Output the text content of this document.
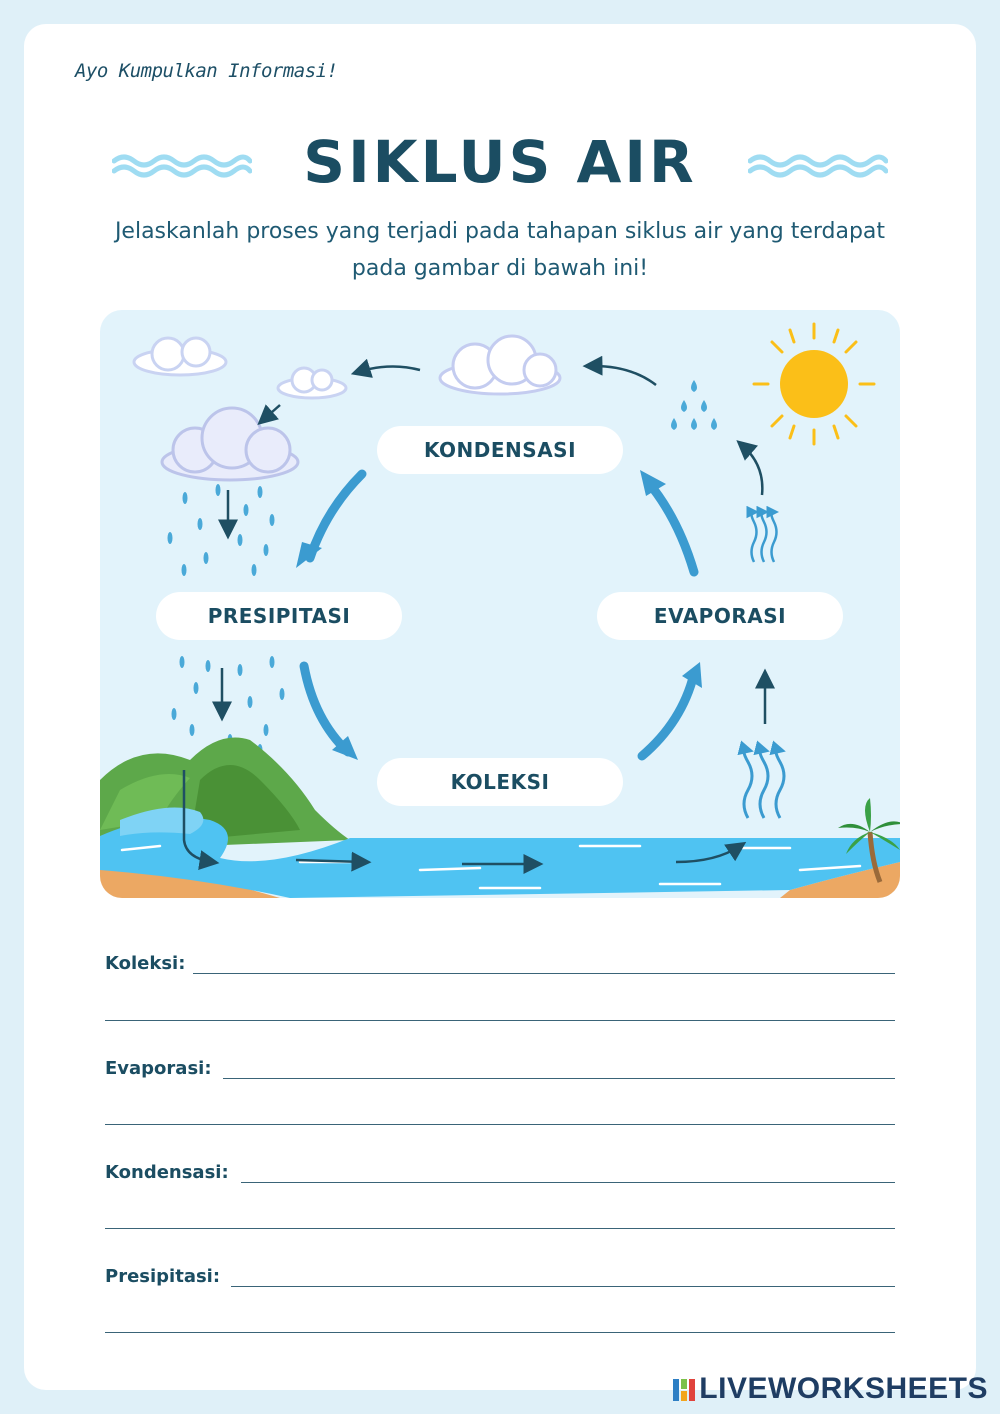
Ayo Kumpulkan Informasi!
SIKLUS AIR
Jelaskanlah proses yang terjadi pada tahapan siklus air yang terdapat pada gambar di bawah ini!
KONDENSASI
PRESIPITASI	EVAPORASI
KOLEKSI
Koleksi:
Evaporasi:
Kondensasi:
Presipitasi:
LIVEWORKSHEETS
